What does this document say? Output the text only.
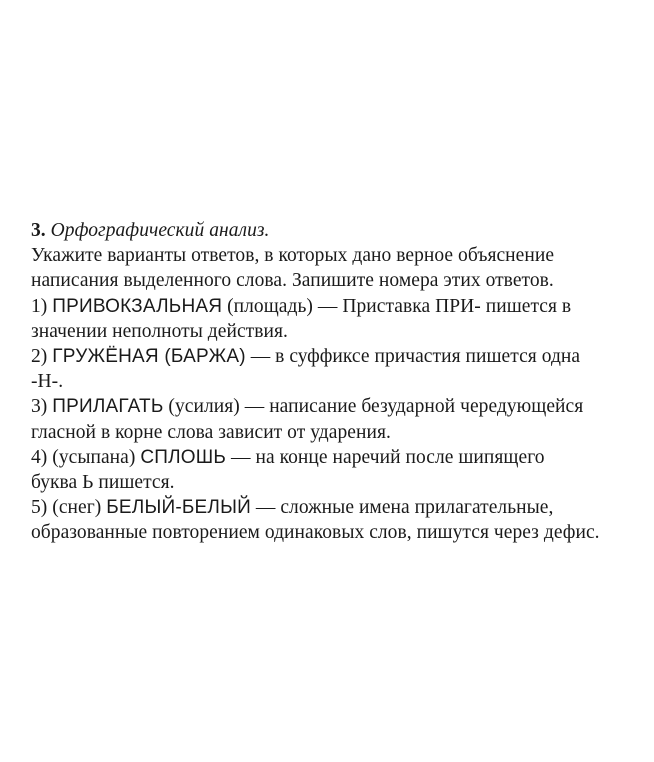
3. Орфографический анализ.
Укажите варианты ответов, в которых дано верное объяснение
написания выделенного слова. Запишите номера этих ответов.
1) ПРИВОКЗАЛЬНАЯ (площадь) — Приставка ПРИ- пишется в
значении неполноты действия.
2) ГРУЖЁНАЯ (БАРЖА) — в суффиксе причастия пишется одна
-Н-.
3) ПРИЛАГАТЬ (усилия) — написание безударной чередующейся
гласной в корне слова зависит от ударения.
4) (усыпана) СПЛОШЬ — на конце наречий после шипящего
буква Ь пишется.
5) (снег) БЕЛЫЙ-БЕЛЫЙ — сложные имена прилагательные,
образованные повторением одинаковых слов, пишутся через дефис.
